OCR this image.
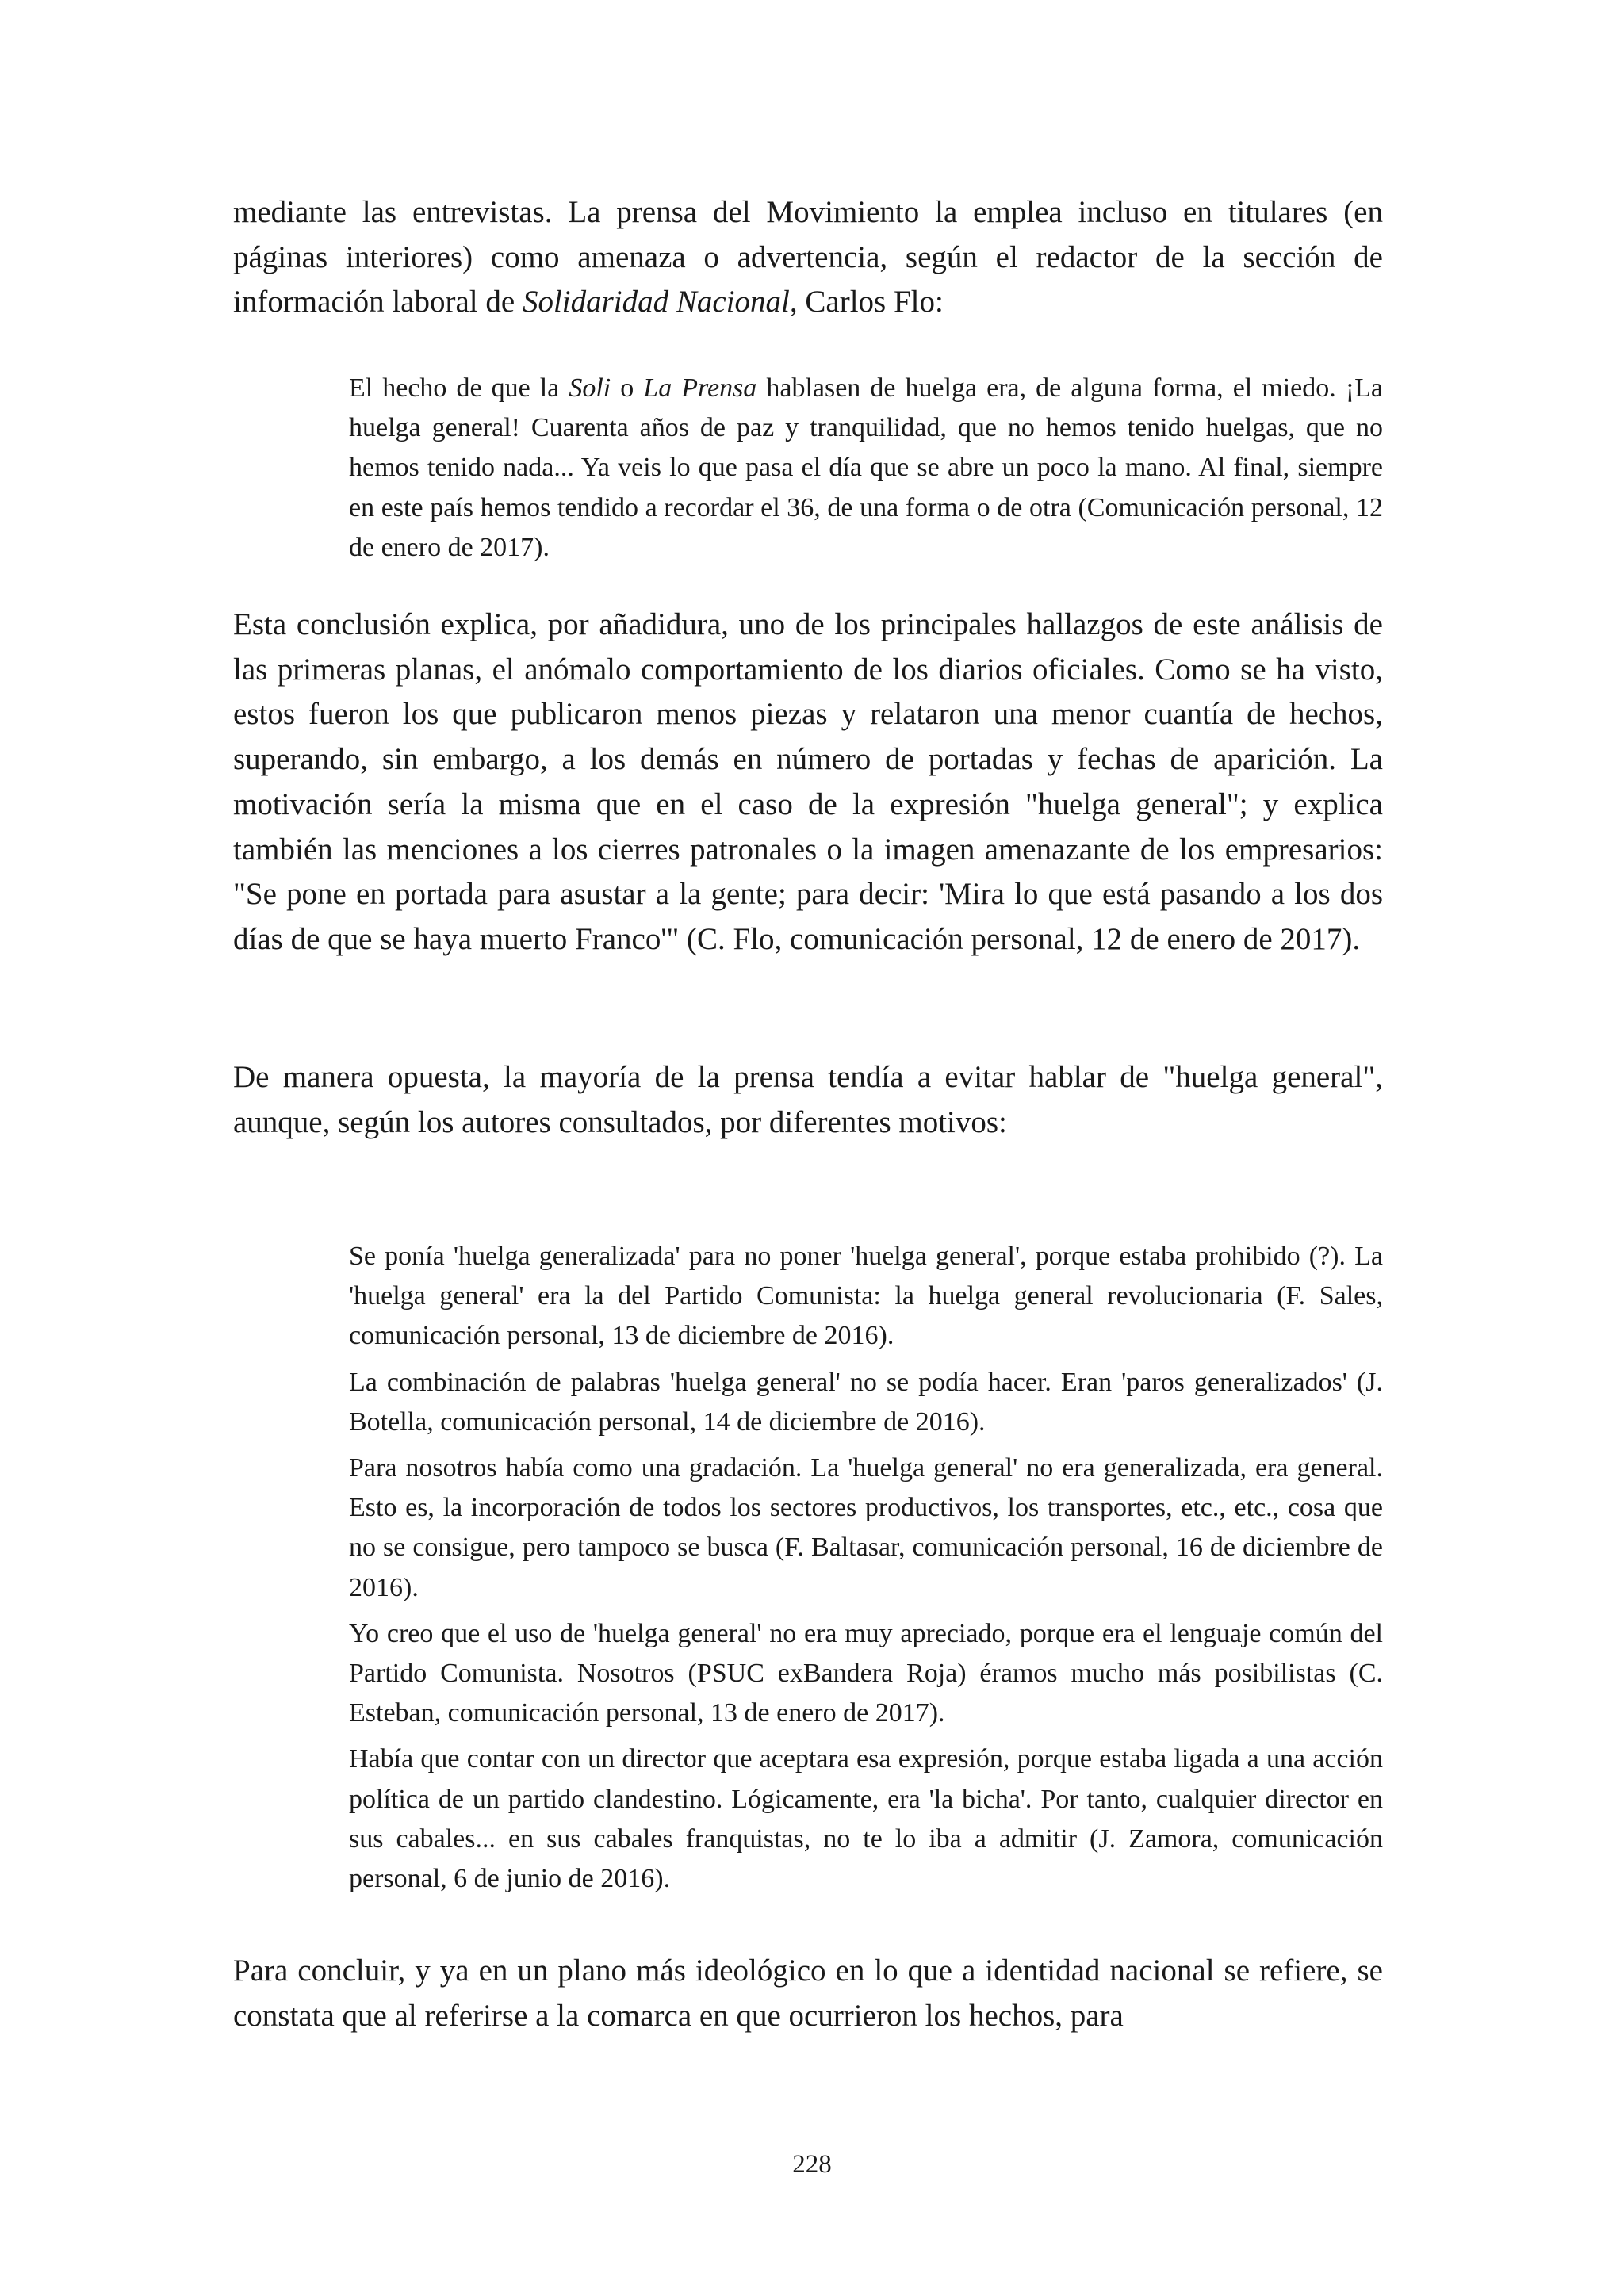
mediante las entrevistas. La prensa del Movimiento la emplea incluso en titulares (en páginas interiores) como amenaza o advertencia, según el redactor de la sección de información laboral de Solidaridad Nacional, Carlos Flo:

El hecho de que la Soli o La Prensa hablasen de huelga era, de alguna forma, el miedo. ¡La huelga general! Cuarenta años de paz y tranquilidad, que no hemos tenido huelgas, que no hemos tenido nada... Ya veis lo que pasa el día que se abre un poco la mano. Al final, siempre en este país hemos tendido a recordar el 36, de una forma o de otra (Comunicación personal, 12 de enero de 2017).

Esta conclusión explica, por añadidura, uno de los principales hallazgos de este análisis de las primeras planas, el anómalo comportamiento de los diarios oficiales. Como se ha visto, estos fueron los que publicaron menos piezas y relataron una menor cuantía de hechos, superando, sin embargo, a los demás en número de portadas y fechas de aparición. La motivación sería la misma que en el caso de la expresión "huelga general"; y explica también las menciones a los cierres patronales o la imagen amenazante de los empresarios: "Se pone en portada para asustar a la gente; para decir: 'Mira lo que está pasando a los dos días de que se haya muerto Franco'" (C. Flo, comunicación personal, 12 de enero de 2017).

De manera opuesta, la mayoría de la prensa tendía a evitar hablar de "huelga general", aunque, según los autores consultados, por diferentes motivos:

Se ponía 'huelga generalizada' para no poner 'huelga general', porque estaba prohibido (?). La 'huelga general' era la del Partido Comunista: la huelga general revolucionaria (F. Sales, comunicación personal, 13 de diciembre de 2016).

La combinación de palabras 'huelga general' no se podía hacer. Eran 'paros generalizados' (J. Botella, comunicación personal, 14 de diciembre de 2016).

Para nosotros había como una gradación. La 'huelga general' no era generalizada, era general. Esto es, la incorporación de todos los sectores productivos, los transportes, etc., etc., cosa que no se consigue, pero tampoco se busca (F. Baltasar, comunicación personal, 16 de diciembre de 2016).

Yo creo que el uso de 'huelga general' no era muy apreciado, porque era el lenguaje común del Partido Comunista. Nosotros (PSUC exBandera Roja) éramos mucho más posibilistas (C. Esteban, comunicación personal, 13 de enero de 2017).

Había que contar con un director que aceptara esa expresión, porque estaba ligada a una acción política de un partido clandestino. Lógicamente, era 'la bicha'. Por tanto, cualquier director en sus cabales... en sus cabales franquistas, no te lo iba a admitir (J. Zamora, comunicación personal, 6 de junio de 2016).

Para concluir, y ya en un plano más ideológico en lo que a identidad nacional se refiere, se constata que al referirse a la comarca en que ocurrieron los hechos, para

228
